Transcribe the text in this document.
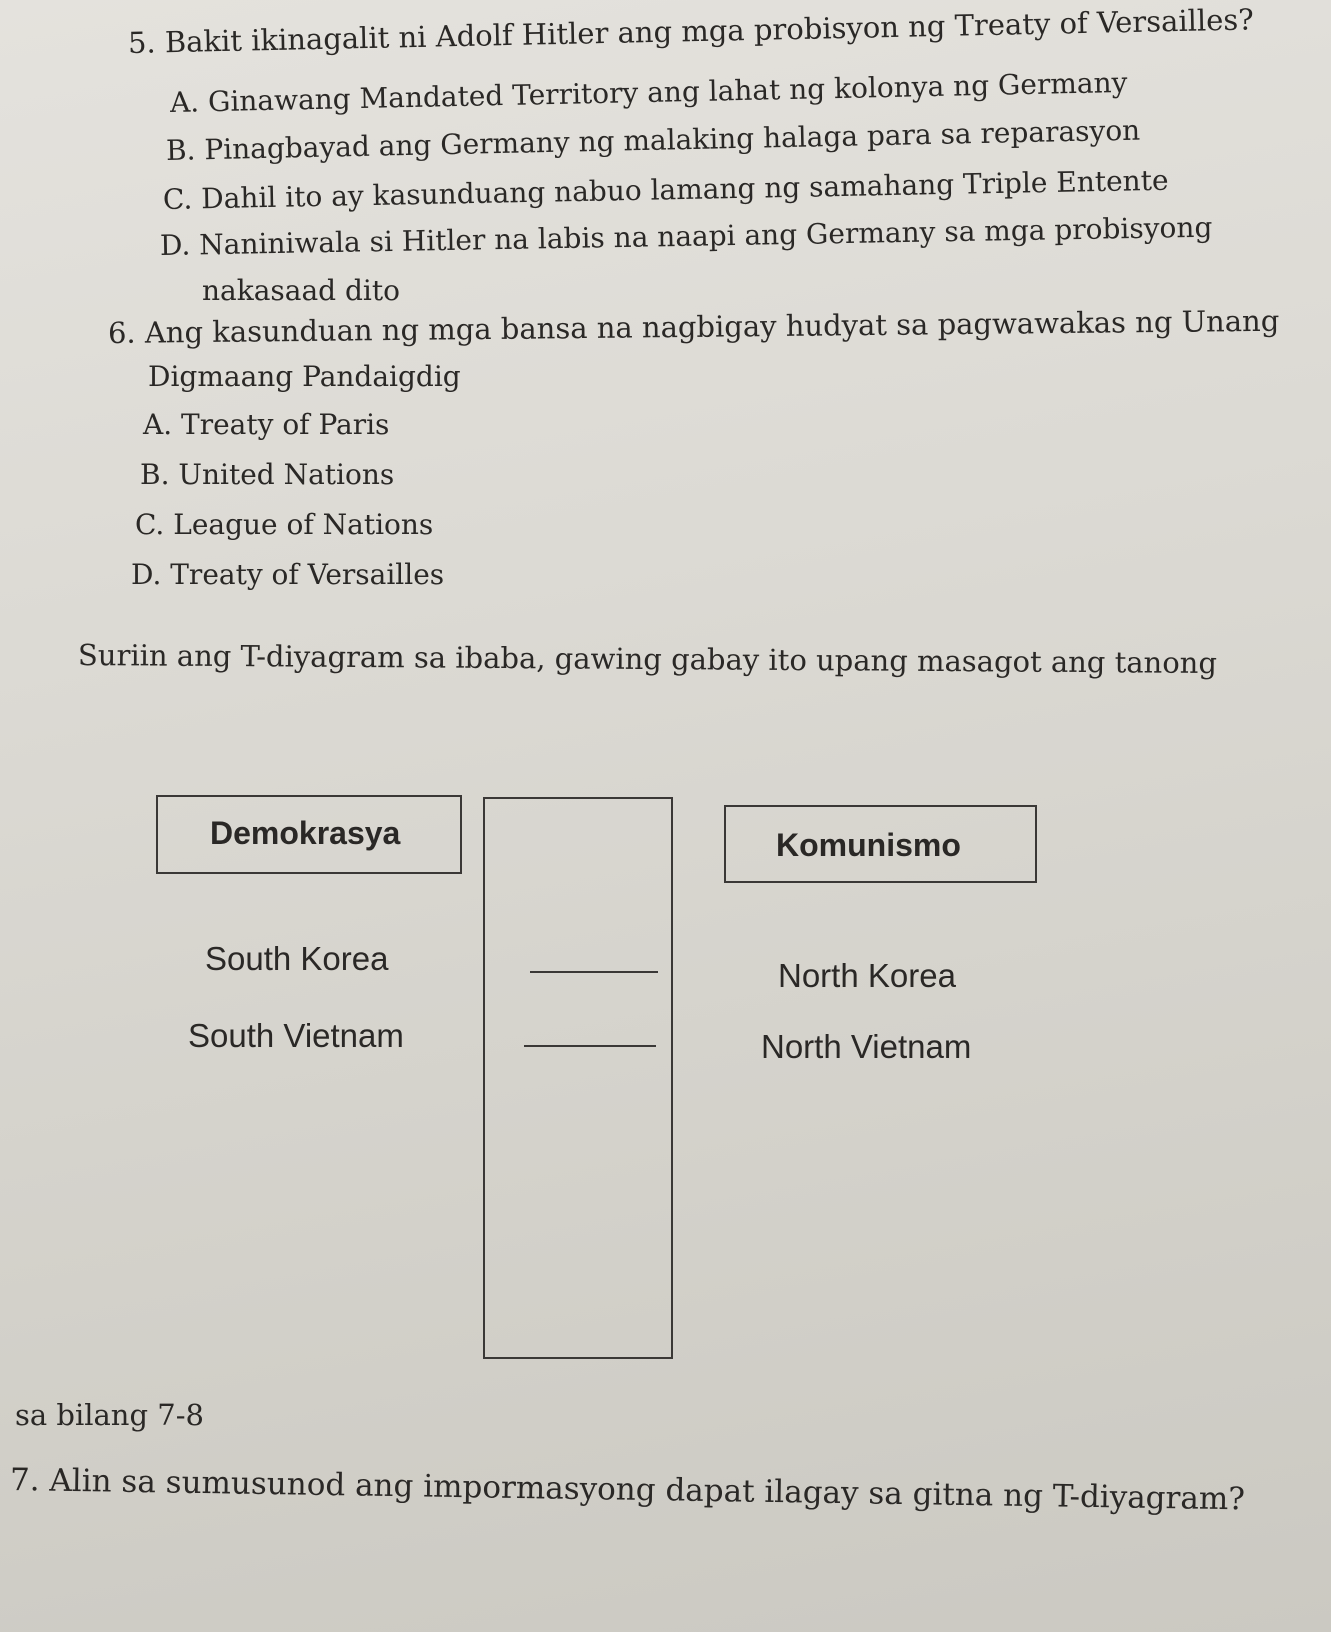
5. Bakit ikinagalit ni Adolf Hitler ang mga probisyon ng Treaty of Versailles?
A. Ginawang Mandated Territory ang lahat ng kolonya ng Germany
B. Pinagbayad ang Germany ng malaking halaga para sa reparasyon
C. Dahil ito ay kasunduang nabuo lamang ng samahang Triple Entente
D. Naniniwala si Hitler na labis na naapi ang Germany sa mga probisyong
nakasaad dito
6. Ang kasunduan ng mga bansa na nagbigay hudyat sa pagwawakas ng Unang
Digmaang Pandaigdig
A. Treaty of Paris
B. United Nations
C. League of Nations
D. Treaty of Versailles
Suriin ang T-diyagram sa ibaba, gawing gabay ito upang masagot ang tanong
Demokrasya	Komunismo
South Korea
South Vietnam
North Korea
North Vietnam
sa bilang 7-8
7. Alin sa sumusunod ang impormasyong dapat ilagay sa gitna ng T-diyagram?
